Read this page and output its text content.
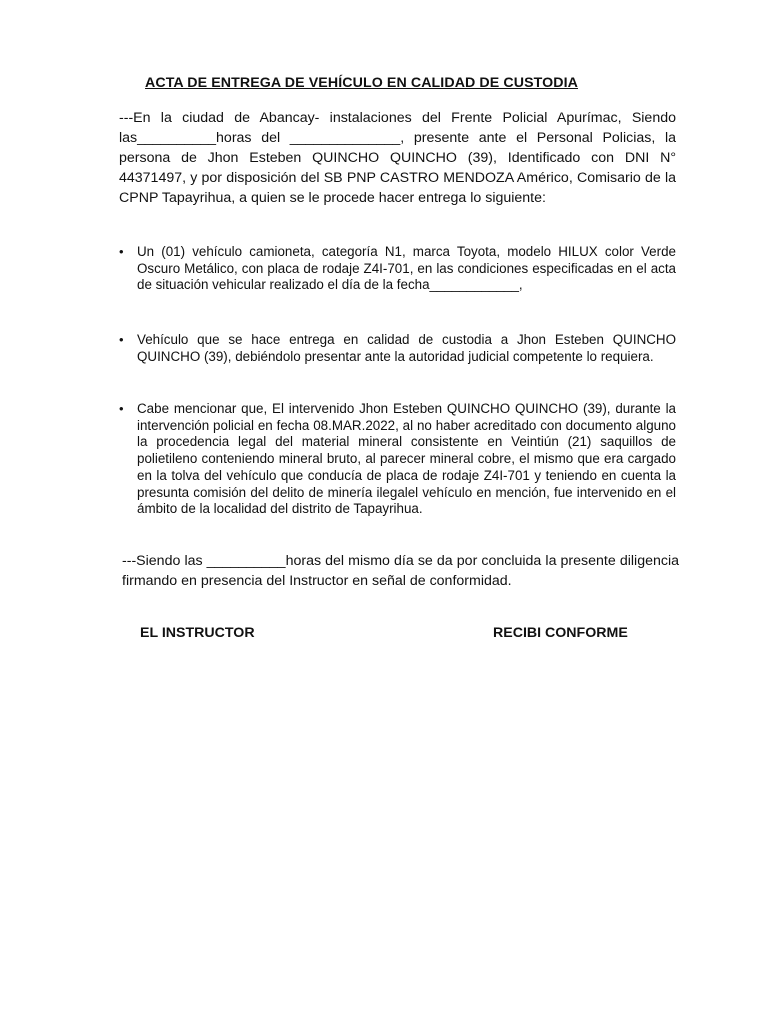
ACTA DE ENTREGA DE VEHÍCULO EN CALIDAD DE CUSTODIA
---En la ciudad de Abancay- instalaciones del Frente Policial Apurímac, Siendo las__________horas del ______________, presente ante el Personal Policias, la persona de Jhon Esteben QUINCHO QUINCHO (39), Identificado con DNI N° 44371497, y por disposición del SB PNP CASTRO MENDOZA Américo, Comisario de la CPNP Tapayrihua, a quien se le procede hacer entrega lo siguiente:
• Un (01) vehículo camioneta, categoría N1, marca Toyota, modelo HILUX color Verde Oscuro Metálico, con placa de rodaje Z4I-701, en las condiciones especificadas en el acta de situación vehicular realizado el día de la fecha____________,
• Vehículo que se hace entrega en calidad de custodia a Jhon Esteben QUINCHO QUINCHO (39), debiéndolo presentar ante la autoridad judicial competente lo requiera.
• Cabe mencionar que, El intervenido Jhon Esteben QUINCHO QUINCHO (39), durante la intervención policial en fecha 08.MAR.2022, al no haber acreditado con documento alguno la procedencia legal del material mineral consistente en Veintiún (21) saquillos de polietileno conteniendo mineral bruto, al parecer mineral cobre, el mismo que era cargado en la tolva del vehículo que conducía de placa de rodaje Z4I-701 y teniendo en cuenta la presunta comisión del delito de minería ilegalel vehículo en mención, fue intervenido en el ámbito de la localidad del distrito de Tapayrihua.
---Siendo las __________horas del mismo día se da por concluida la presente diligencia firmando en presencia del Instructor en señal de conformidad.
EL INSTRUCTOR	RECIBI CONFORME
